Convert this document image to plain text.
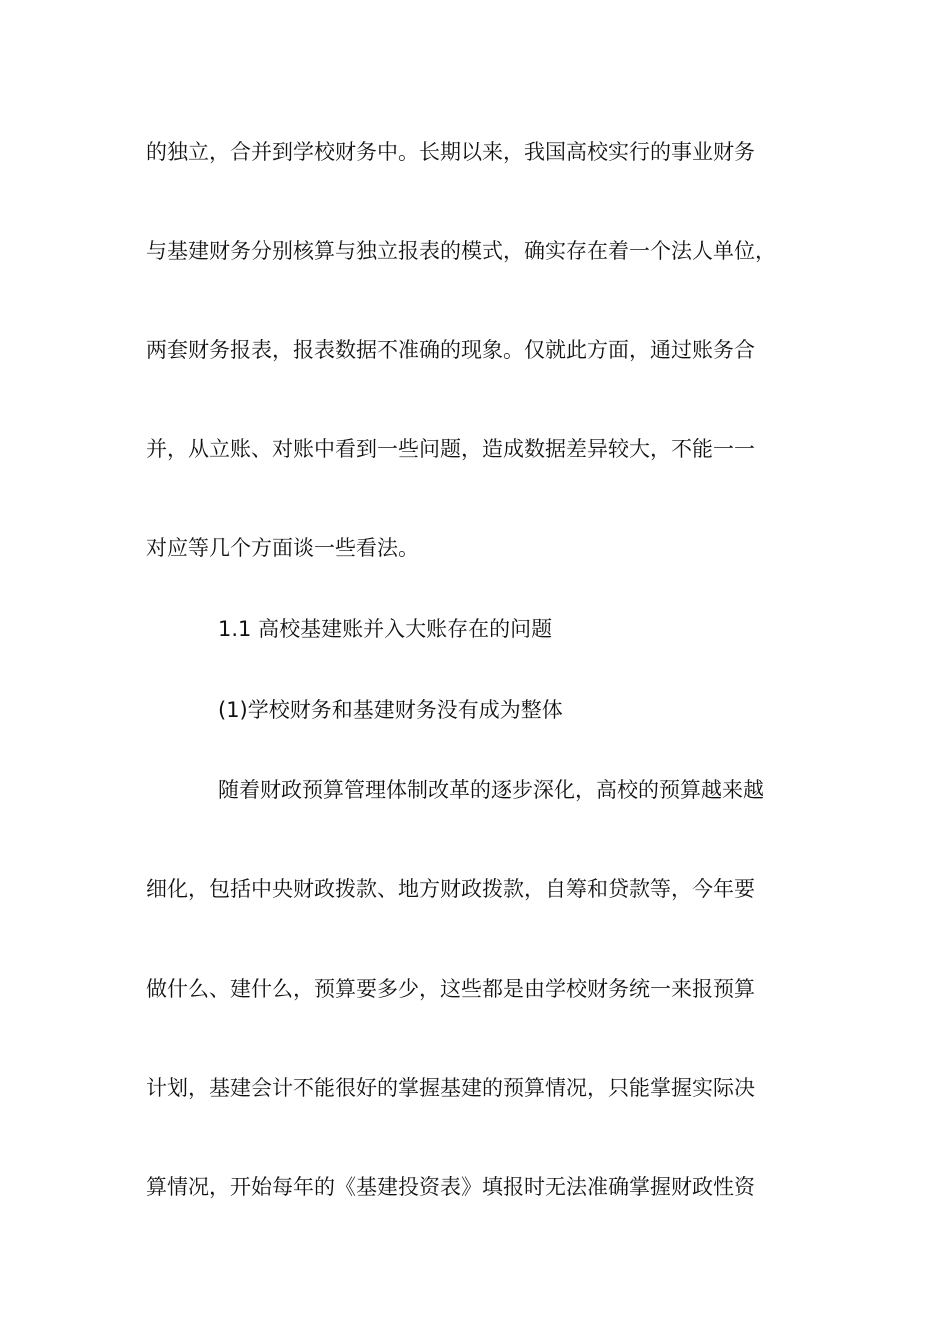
的独立，合并到学校财务中。长期以来，我国高校实行的事业财务
与基建财务分别核算与独立报表的模式，确实存在着一个法人单位，
两套财务报表，报表数据不准确的现象。仅就此方面，通过账务合
并，从立账、对账中看到一些问题，造成数据差异较大，不能一一
对应等几个方面谈一些看法。
1.1 高校基建账并入大账存在的问题
(1)学校财务和基建财务没有成为整体
随着财政预算管理体制改革的逐步深化，高校的预算越来越
细化，包括中央财政拨款、地方财政拨款，自筹和贷款等，今年要
做什么、建什么，预算要多少，这些都是由学校财务统一来报预算
计划，基建会计不能很好的掌握基建的预算情况，只能掌握实际决
算情况，开始每年的《基建投资表》填报时无法准确掌握财政性资
